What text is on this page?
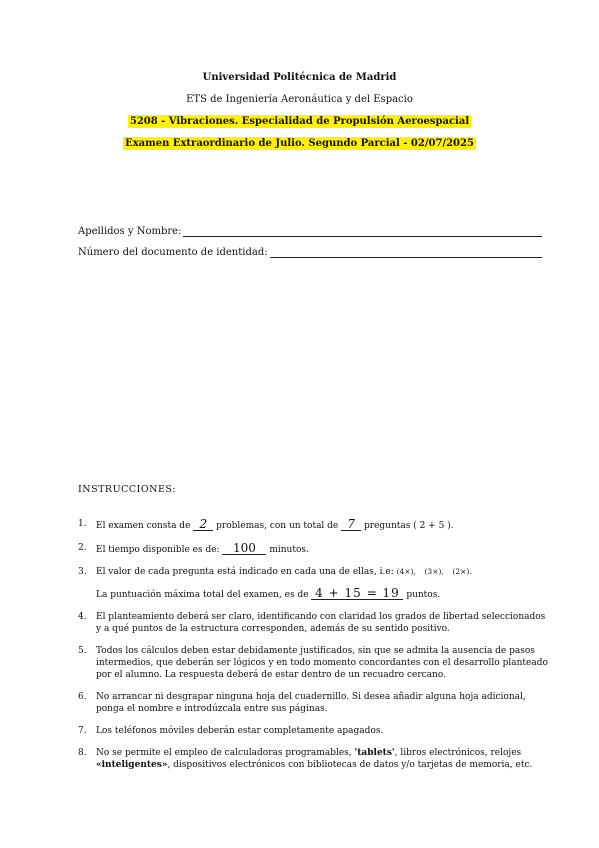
Universidad Politécnica de Madrid
ETS de Ingeniería Aeronáutica y del Espacio
5208 - Vibraciones. Especialidad de Propulsión Aeroespacial
Examen Extraordinario de Julio. Segundo Parcial - 02/07/2025
Apellidos y Nombre:
Número del documento de identidad:
INSTRUCCIONES:
1.	El examen consta de 2 problemas, con un total de 7 preguntas ( 2 + 5 ).
2.	El tiempo disponible es de: 100 minutos.
3.	El valor de cada pregunta está indicado en cada una de ellas, i.e: (4×), (3×), (2×).
La puntuación máxima total del examen, es de 4 + 15 = 19 puntos.
4.	El planteamiento deberá ser claro, identificando con claridad los grados de libertad seleccionados y a qué puntos de la estructura corresponden, además de su sentido positivo.
5.	Todos los cálculos deben estar debidamente justificados, sin que se admita la ausencia de pasos intermedios, que deberán ser lógicos y en todo momento concordantes con el desarrollo planteado por el alumno. La respuesta deberá de estar dentro de un recuadro cercano.
6.	No arrancar ni desgrapar ninguna hoja del cuadernillo. Si desea añadir alguna hoja adicional, ponga el nombre e introdúzcala entre sus páginas.
7.	Los teléfonos móviles deberán estar completamente apagados.
8.	No se permite el empleo de calculadoras programables, 'tablets', libros electrónicos, relojes «inteligentes», dispositivos electrónicos con bibliotecas de datos y/o tarjetas de memoria, etc.
